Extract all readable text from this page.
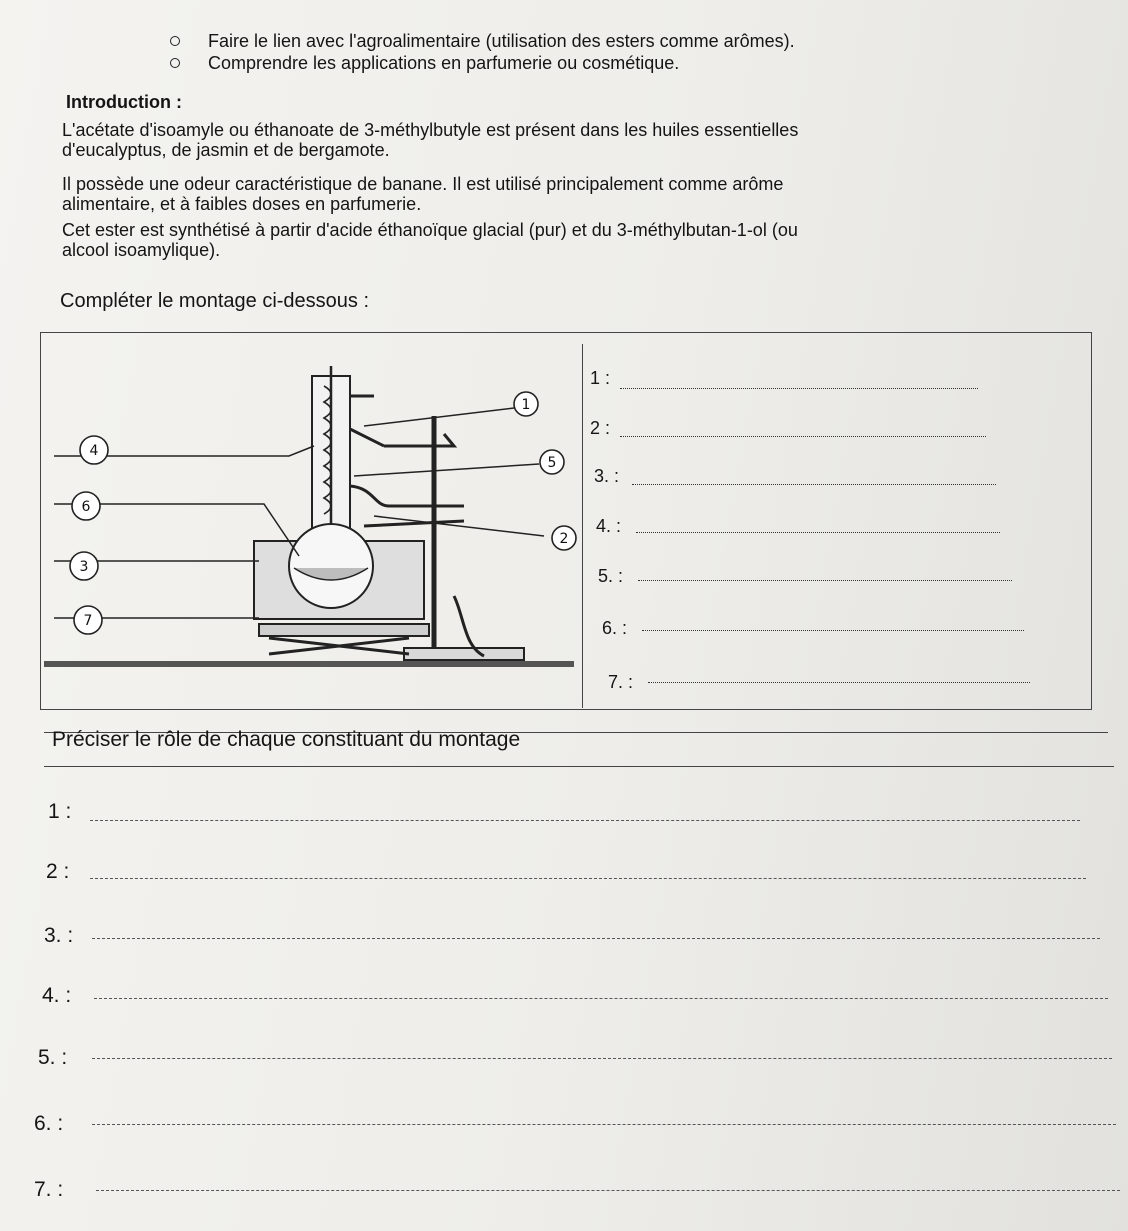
Faire le lien avec l'agroalimentaire (utilisation des esters comme arômes).
Comprendre les applications en parfumerie ou cosmétique.
Introduction :
L'acétate d'isoamyle ou éthanoate de 3-méthylbutyle est présent dans les huiles essentielles
d'eucalyptus, de jasmin et de bergamote.
Il possède une odeur caractéristique de banane. Il est utilisé principalement comme arôme
alimentaire, et à faibles doses en parfumerie.
Cet ester est synthétisé à partir d'acide éthanoïque glacial (pur) et du 3-méthylbutan-1-ol (ou
alcool isoamylique).
Compléter le montage ci-dessous :
1
5
2
4
6
3
7
1 :
2 :
3. :
4. :
5. :
6. :
7. :
Préciser le rôle de chaque constituant du montage
1 :
2 :
3. :
4. :
5. :
6. :
7. :
